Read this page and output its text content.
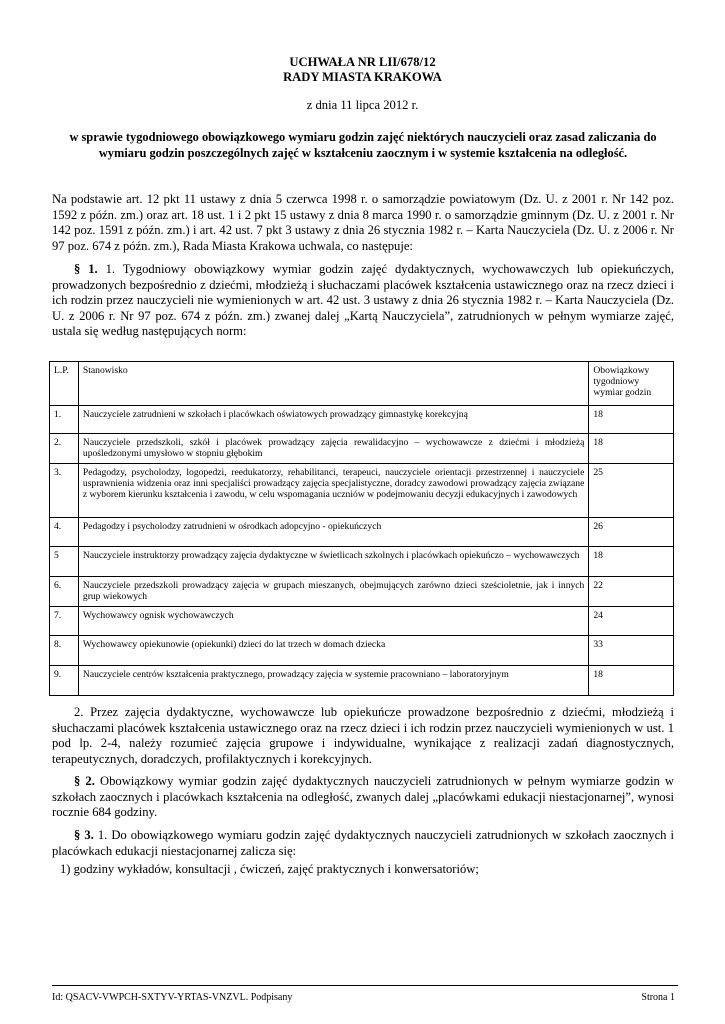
UCHWAŁA NR LII/678/12
RADY MIASTA KRAKOWA
z dnia 11 lipca 2012 r.
w sprawie tygodniowego obowiązkowego wymiaru godzin zajęć niektórych nauczycieli oraz zasad zaliczania do wymiaru godzin poszczególnych zajęć w kształceniu zaocznym i w systemie kształcenia na odległość.
Na podstawie art. 12 pkt 11 ustawy z dnia 5 czerwca 1998 r. o samorządzie powiatowym (Dz. U. z 2001 r. Nr 142 poz. 1592 z późn. zm.) oraz art. 18 ust. 1 i 2 pkt 15 ustawy z dnia 8 marca 1990 r. o samorządzie gminnym (Dz. U. z 2001 r. Nr 142 poz. 1591 z późn. zm.) i art. 42 ust. 7 pkt 3 ustawy z dnia 26 stycznia 1982 r. – Karta Nauczyciela (Dz. U. z 2006 r. Nr 97 poz. 674 z późn. zm.), Rada Miasta Krakowa uchwala, co następuje:
§ 1. 1. Tygodniowy obowiązkowy wymiar godzin zajęć dydaktycznych, wychowawczych lub opiekuńczych, prowadzonych bezpośrednio z dziećmi, młodzieżą i słuchaczami placówek kształcenia ustawicznego oraz na rzecz dzieci i ich rodzin przez nauczycieli nie wymienionych w art. 42 ust. 3 ustawy z dnia 26 stycznia 1982 r. – Karta Nauczyciela (Dz. U. z 2006 r. Nr 97 poz. 674 z późn. zm.) zwanej dalej „Kartą Nauczyciela”, zatrudnionych w pełnym wymiarze zajęć, ustala się według następujących norm:
L.P.	Stanowisko	Obowiązkowy tygodniowy wymiar godzin
1.	Nauczyciele zatrudnieni w szkołach i placówkach oświatowych prowadzący gimnastykę korekcyjną	18
2.	Nauczyciele przedszkoli, szkół i placówek prowadzący zajęcia rewalidacyjno – wychowawcze z dziećmi i młodzieżą upośledzonymi umysłowo w stopniu głębokim	18
3.	Pedagodzy, psycholodzy, logopedzi, reedukatorzy, rehabilitanci, terapeuci, nauczyciele orientacji przestrzennej i nauczyciele usprawnienia widzenia oraz inni specjaliści prowadzący zajęcia specjalistyczne, doradcy zawodowi prowadzący zajęcia związane z wyborem kierunku kształcenia i zawodu, w celu wspomagania uczniów w podejmowaniu decyzji edukacyjnych i zawodowych	25
4.	Pedagodzy i psycholodzy zatrudnieni w ośrodkach adopcyjno - opiekuńczych	26
5	Nauczyciele instruktorzy prowadzący zajęcia dydaktyczne w świetlicach szkolnych i placówkach opiekuńczo – wychowawczych	18
6.	Nauczyciele przedszkoli prowadzący zajęcia w grupach mieszanych, obejmujących zarówno dzieci sześcioletnie, jak i innych grup wiekowych	22
7.	Wychowawcy ognisk wychowawczych	24
8.	Wychowawcy opiekunowie (opiekunki) dzieci do lat trzech w domach dziecka	33
9.	Nauczyciele centrów kształcenia praktycznego, prowadzący zajęcia w systemie pracowniano – laboratoryjnym	18
2. Przez zajęcia dydaktyczne, wychowawcze lub opiekuńcze prowadzone bezpośrednio z dziećmi, młodzieżą i słuchaczami placówek kształcenia ustawicznego oraz na rzecz dzieci i ich rodzin przez nauczycieli wymienionych w ust. 1 pod lp. 2-4, należy rozumieć zajęcia grupowe i indywidualne, wynikające z realizacji zadań diagnostycznych, terapeutycznych, doradczych, profilaktycznych i korekcyjnych.
§ 2. Obowiązkowy wymiar godzin zajęć dydaktycznych nauczycieli zatrudnionych w pełnym wymiarze godzin w szkołach zaocznych i placówkach kształcenia na odległość, zwanych dalej „placówkami edukacji niestacjonarnej”, wynosi rocznie 684 godziny.
§ 3. 1. Do obowiązkowego wymiaru godzin zajęć dydaktycznych nauczycieli zatrudnionych w szkołach zaocznych i placówkach edukacji niestacjonarnej zalicza się:
1) godziny wykładów, konsultacji , ćwiczeń, zajęć praktycznych i konwersatoriów;
Id: QSACV-VWPCH-SXTYV-YRTAS-VNZVL. Podpisany	Strona 1
